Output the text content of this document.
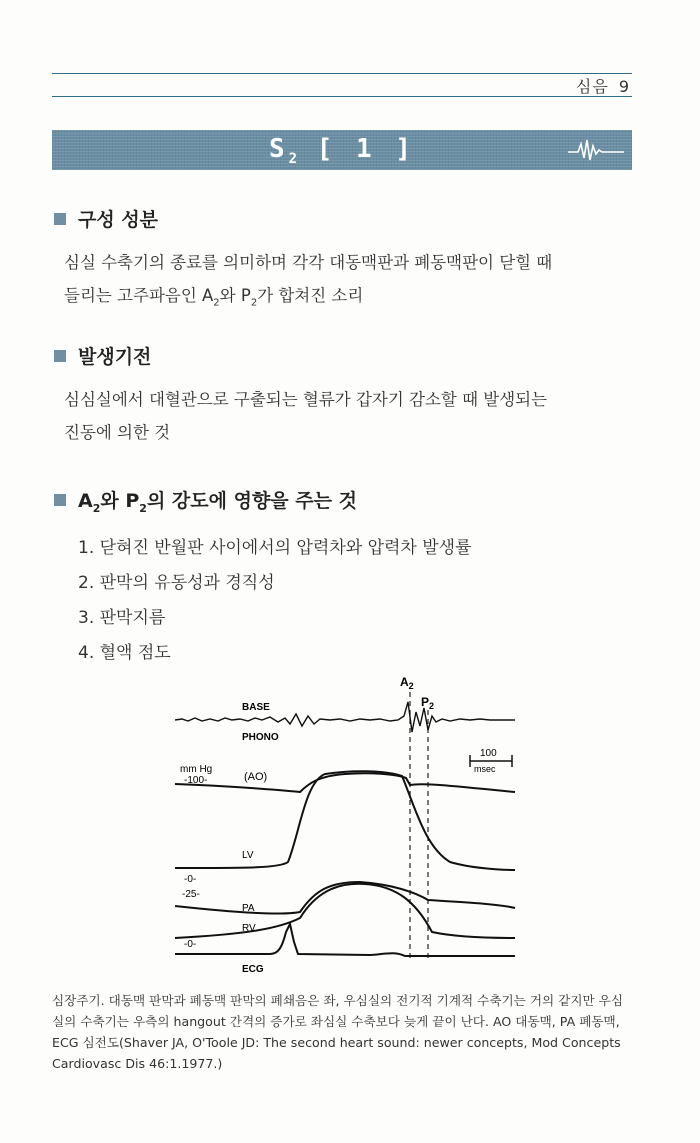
심음 9
$S_2$ [ 1 ]
구성 성분
심실 수축기의 종료를 의미하며 각각 대동맥판과 폐동맥판이 닫힐 때
들리는 고주파음인 $A_2$와 $P_2$가 합쳐진 소리
발생기전
심심실에서 대혈관으로 구출되는 혈류가 갑자기 감소할 때 발생되는
진동에 의한 것
$A_2$와 $P_2$의 강도에 영향을 주는 것
1. 닫혀진 반월판 사이에서의 압력차와 압력차 발생률
2. 판막의 유동성과 경직성
3. 판막지름
4. 혈액 점도
$A_2$
$P_2$
BASE
PHONO
mm Hg
-100-	(AO)
100
msec
LV
-0-
-25-
PA
RV
-0-
ECG
심장주기. 대동맥 판막과 폐동맥 판막의 폐쇄음은 좌, 우심실의 전기적 기계적 수축기는 거의 같지만 우심
실의 수축기는 우측의 hangout 간격의 증가로 좌심실 수축보다 늦게 끝이 난다. AO 대동맥, PA 폐동맥,
ECG 심전도(Shaver JA, O'Toole JD: The second heart sound: newer concepts, Mod Concepts
Cardiovasc Dis 46:1.1977.)
